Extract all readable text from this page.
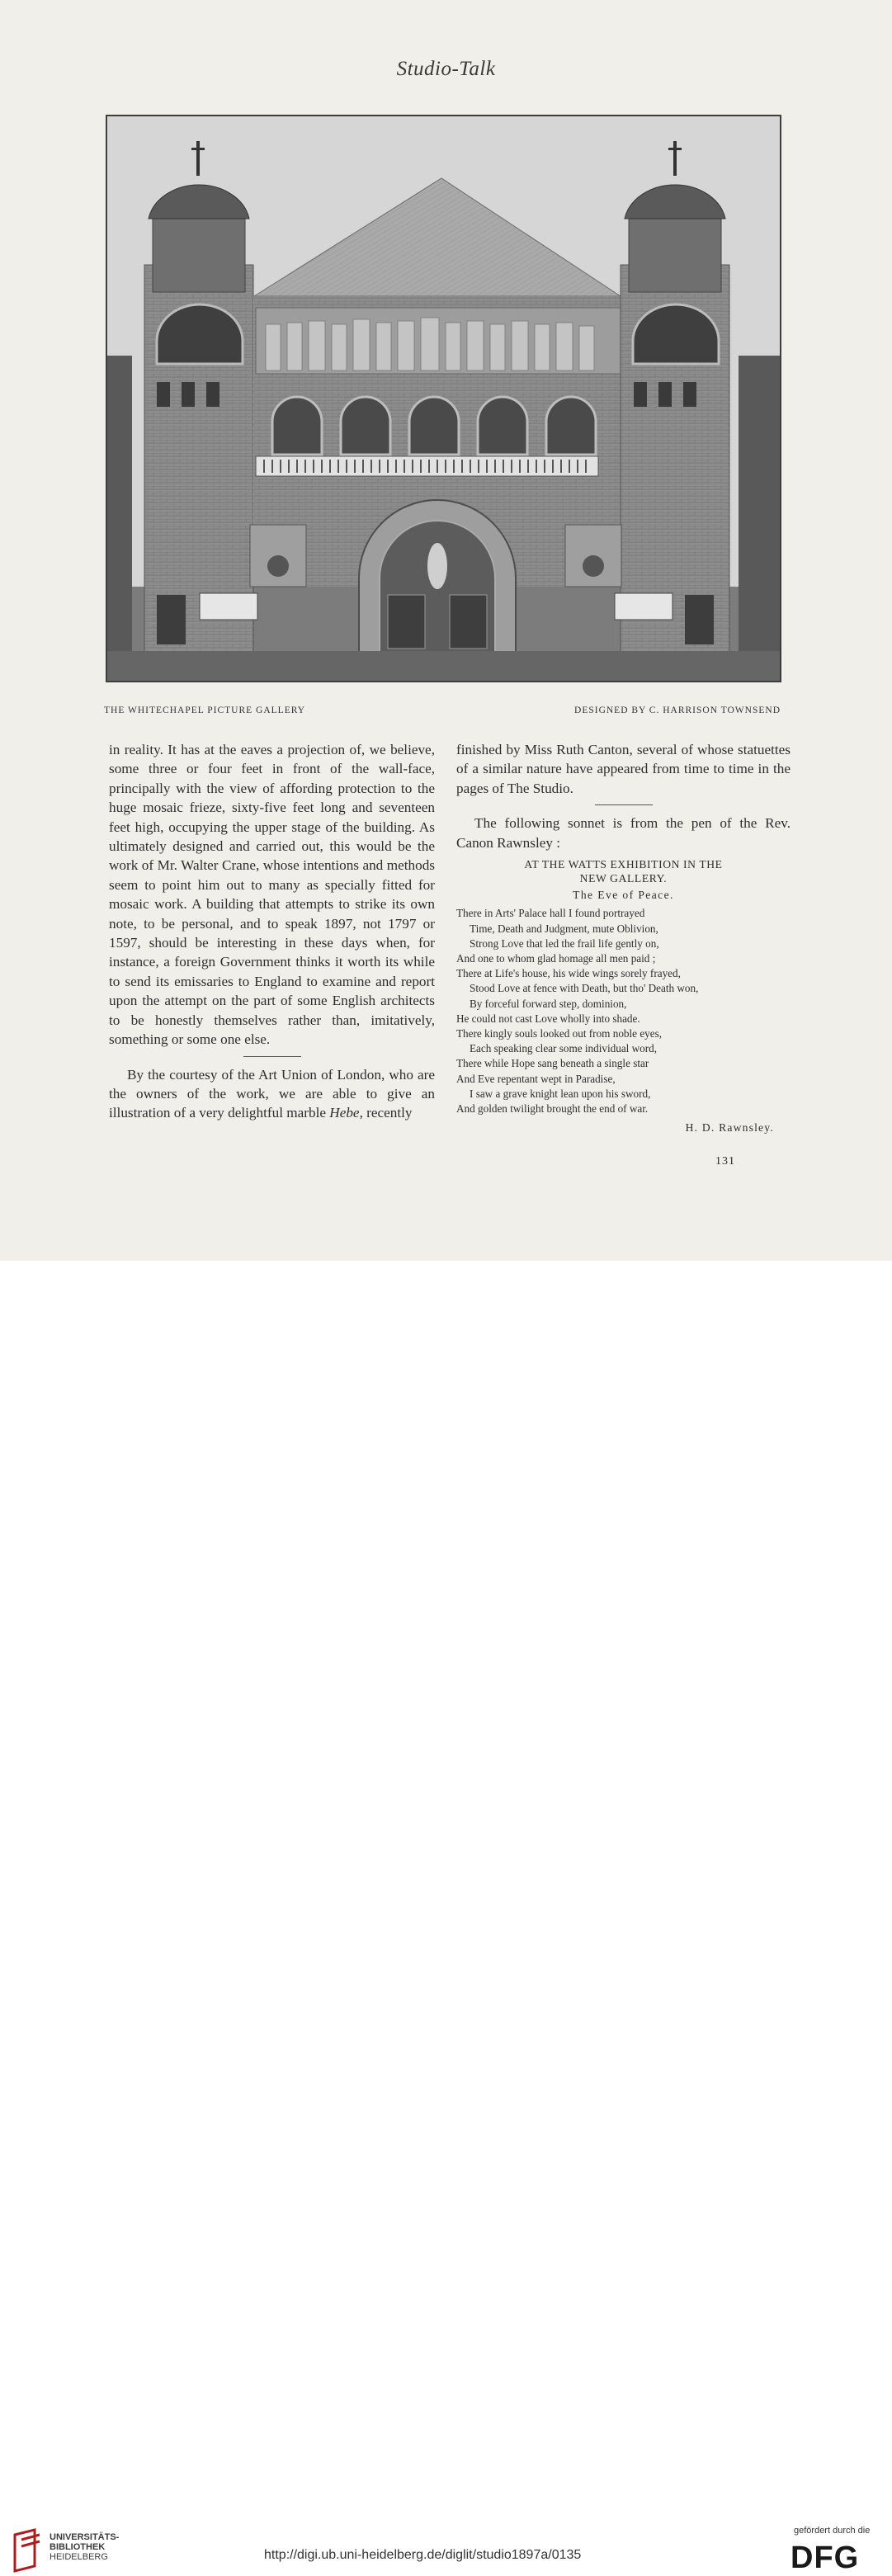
Studio-Talk
THE WHITECHAPEL PICTURE GALLERY	DESIGNED BY C. HARRISON TOWNSEND

in reality. It has at the eaves a projection of, we believe, some three or four feet in front of the wall-face, principally with the view of affording protection to the huge mosaic frieze, sixty-five feet long and seventeen feet high, occupying the upper stage of the building. As ultimately designed and carried out, this would be the work of Mr. Walter Crane, whose intentions and methods seem to point him out to many as specially fitted for mosaic work. A building that attempts to strike its own note, to be personal, and to speak 1897, not 1797 or 1597, should be interesting in these days when, for instance, a foreign Government thinks it worth its while to send its emissaries to England to examine and report upon the attempt on the part of some English architects to be honestly themselves rather than, imitatively, something or some one else.

By the courtesy of the Art Union of London, who are the owners of the work, we are able to give an illustration of a very delightful marble Hebe, recently

finished by Miss Ruth Canton, several of whose statuettes of a similar nature have appeared from time to time in the pages of The Studio.

The following sonnet is from the pen of the Rev. Canon Rawnsley :

AT THE WATTS EXHIBITION IN THE
NEW GALLERY.
The Eve of Peace.
There in Arts' Palace hall I found portrayed
Time, Death and Judgment, mute Oblivion,
Strong Love that led the frail life gently on,
And one to whom glad homage all men paid ;
There at Life's house, his wide wings sorely frayed,
Stood Love at fence with Death, but tho' Death won,
By forceful forward step, dominion,
He could not cast Love wholly into shade.
There kingly souls looked out from noble eyes,
Each speaking clear some individual word,
There while Hope sang beneath a single star
And Eve repentant wept in Paradise,
I saw a grave knight lean upon his sword,
And golden twilight brought the end of war.
H. D. Rawnsley.
131
UNIVERSITÄTS-
BIBLIOTHEK
HEIDELBERG	http://digi.ub.uni-heidelberg.de/diglit/studio1897a/0135
gefördert durch die
DFG
